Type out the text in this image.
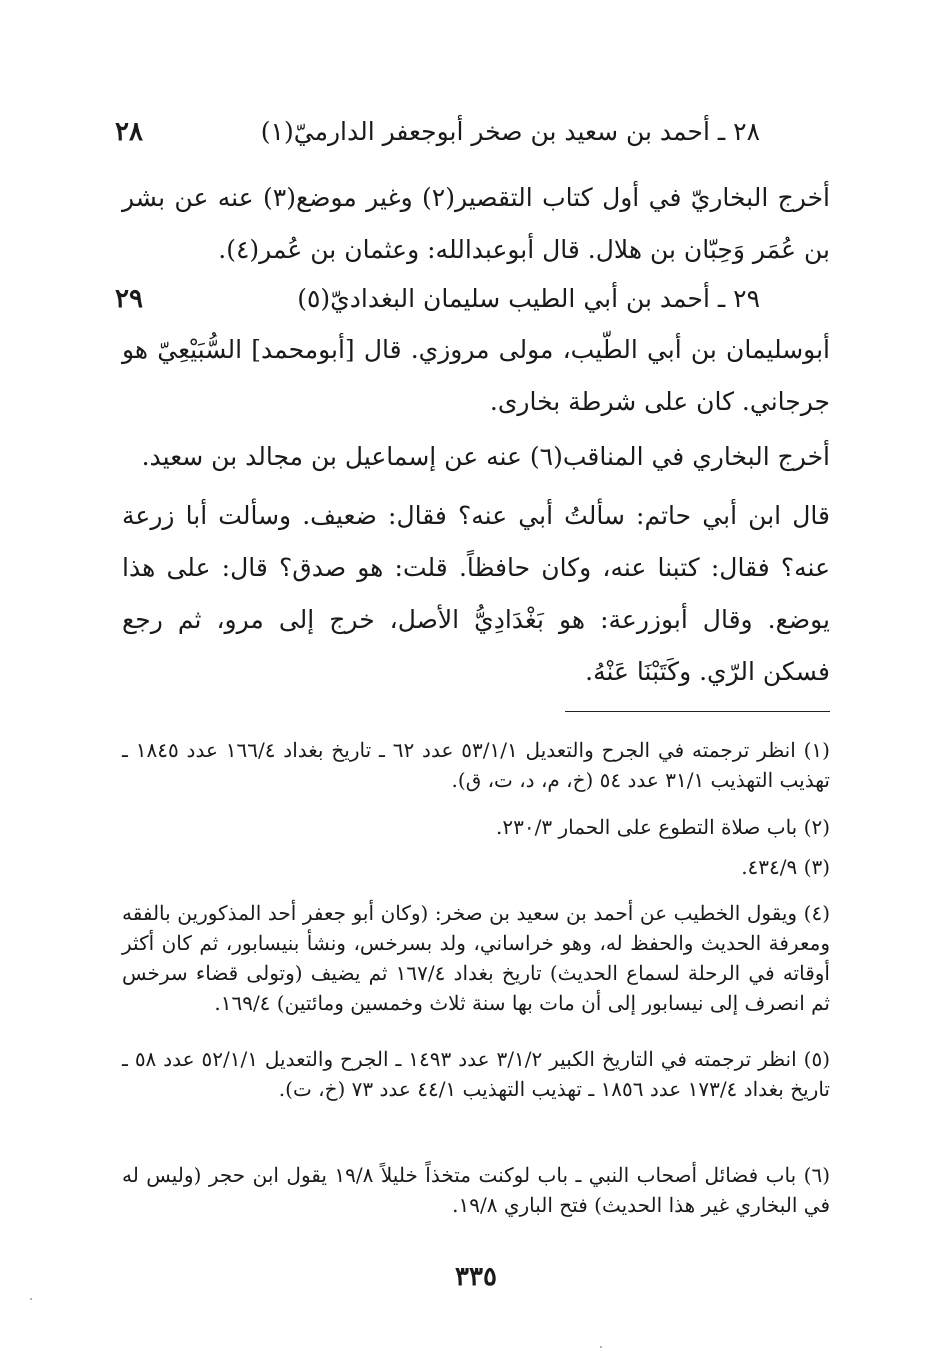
٢٨	٢٨ ـ أحمد بن سعيد بن صخر أبوجعفر الدارميّ(١)
أخرج البخاريّ في أول كتاب التقصير(٢) وغير موضع(٣) عنه عن بشر بن عُمَر وَحِبّان بن هلال. قال أبوعبدالله: وعثمان بن عُمر(٤).
٢٩	٢٩ ـ أحمد بن أبي الطيب سليمان البغداديّ(٥)
أبوسليمان بن أبي الطّيب، مولى مروزي. قال [أبومحمد] السُّبَيْعِيّ هو جرجاني. كان على شرطة بخارى.
أخرج البخاري في المناقب(٦) عنه عن إسماعيل بن مجالد بن سعيد.
قال ابن أبي حاتم: سألتُ أبي عنه؟ فقال: ضعيف. وسألت أبا زرعة عنه؟ فقال: كتبنا عنه، وكان حافظاً. قلت: هو صدق؟ قال: على هذا يوضع. وقال أبوزرعة: هو بَغْدَادِيُّ الأصل، خرج إلى مرو، ثم رجع فسكن الرّي. وكَتَبْنَا عَنْهُ.
(١) انظر ترجمته في الجرح والتعديل ٥٣/١/١ عدد ٦٢ ـ تاريخ بغداد ١٦٦/٤ عدد ١٨٤٥ ـ تهذيب التهذيب ٣١/١ عدد ٥٤ (خ، م، د، ت، ق).
(٢) باب صلاة التطوع على الحمار ٢٣٠/٣.
(٣) ٤٣٤/٩.
(٤) ويقول الخطيب عن أحمد بن سعيد بن صخر: (وكان أبو جعفر أحد المذكورين بالفقه ومعرفة الحديث والحفظ له، وهو خراساني، ولد بسرخس، ونشأ بنيسابور، ثم كان أكثر أوقاته في الرحلة لسماع الحديث) تاريخ بغداد ١٦٧/٤ ثم يضيف (وتولى قضاء سرخس ثم انصرف إلى نيسابور إلى أن مات بها سنة ثلاث وخمسين ومائتين) ١٦٩/٤.
(٥) انظر ترجمته في التاريخ الكبير ٣/١/٢ عدد ١٤٩٣ ـ الجرح والتعديل ٥٢/١/١ عدد ٥٨ ـ تاريخ بغداد ١٧٣/٤ عدد ١٨٥٦ ـ تهذيب التهذيب ٤٤/١ عدد ٧٣ (خ، ت).
(٦) باب فضائل أصحاب النبي ـ باب لوكنت متخذاً خليلاً ١٩/٨ يقول ابن حجر (وليس له في البخاري غير هذا الحديث) فتح الباري ١٩/٨.
٣٣٥
